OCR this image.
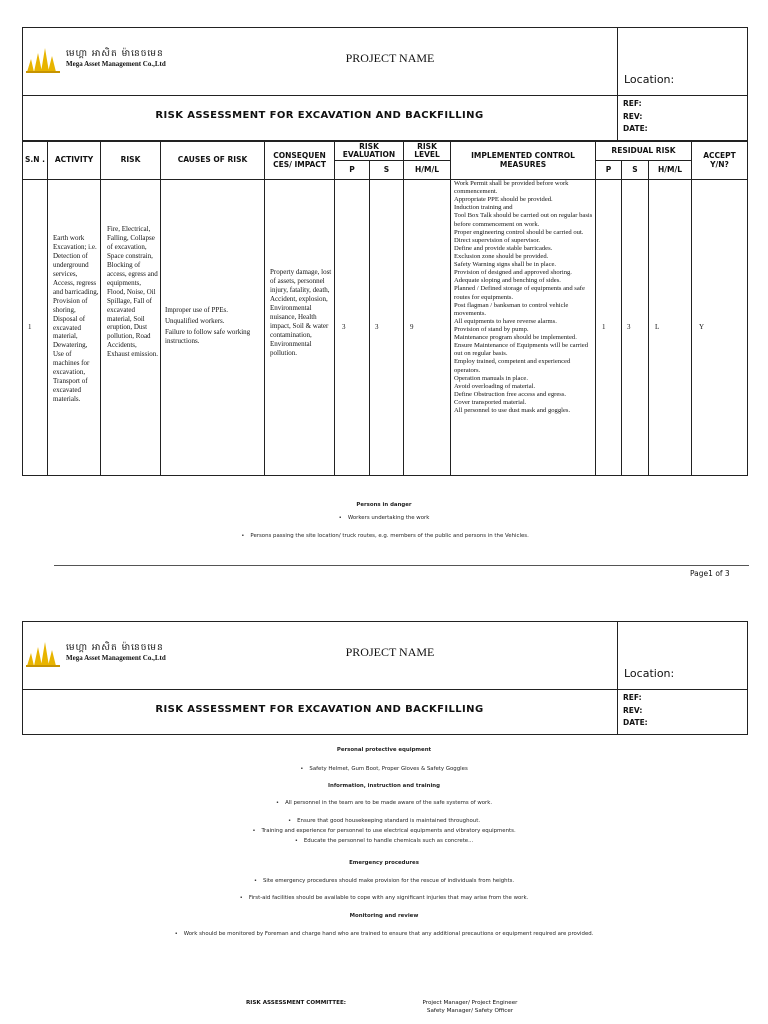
មេហ្គា អាសិត ម៉ានេចមេន
Mega Asset Management Co.,Ltd	PROJECT NAME
Location:
RISK ASSESSMENT FOR EXCAVATION AND BACKFILLING
REF:
REV:
DATE:
S.N .	ACTIVITY	RISK	CAUSES OF RISK	CONSEQUEN CES/ IMPACT
RISK EVALUATION
P	S
RISK LEVEL
H/M/L
IMPLEMENTED CONTROL MEASURES
RESIDUAL RISK
P	S	H/M/L
ACCEPT Y/N?
1
Earth work Excavation; i.e. Detection of underground services, Access, regress and barricading, Provision of shoring, Disposal of excavated material, Dewatering, Use of machines for excavation, Transport of excavated materials.
Fire, Electrical, Falling, Collapse of excavation, Space constrain, Blocking of access, egress and equipments, Flood, Noise, Oil Spillage, Fall of excavated material, Soil eruption, Dust pollution, Road Accidents, Exhaust emission.
Improper use of PPEs.
Unqualified workers.
Failure to follow safe working instructions.
Property damage, lost of assets, personnel injury, fatality, death, Accident, explosion, Environmental nuisance, Health impact, Soil & water contamination, Environmental pollution.
3	3	9
Work Permit shall be provided before work commencement.
Appropriate PPE should be provided.
Induction training and
Tool Box Talk should be carried out on regular basis before commencement on work.
Proper engineering control should be carried out.
Direct supervision of supervisor.
Define and provide stable barricades.
Exclusion zone should be provided.
Safety Warning signs shall be in place.
Provision of designed and approved shoring.
Adequate sloping and benching of sides.
Planned / Defined storage of equipments and safe routes for equipments.
Post flagman / banksman to control vehicle movements.
All equipments to have reverse alarms.
Provision of stand by pump.
Maintenance program should be implemented.
Ensure Maintenance of Equipments will be carried out on regular basis.
Employ trained, competent and experienced operators.
Operation manuals in place.
Avoid overloading of material.
Define Obstruction free access and egress.
Cover transported material.
All personnel to use dust mask and goggles.
1	3	L	Y
Persons in danger
• Workers undertaking the work
• Persons passing the site location/ truck routes, e.g. members of the public and persons in the Vehicles.
Page1 of 3
មេហ្គា អាសិត ម៉ានេចមេន
Mega Asset Management Co.,Ltd	PROJECT NAME
Location:
RISK ASSESSMENT FOR EXCAVATION AND BACKFILLING
REF:
REV:
DATE:
Personal protective equipment
• Safety Helmet, Gum Boot, Proper Gloves & Safety Goggles
Information, instruction and training
• All personnel in the team are to be made aware of the safe systems of work.
• Ensure that good housekeeping standard is maintained throughout.
• Training and experience for personnel to use electrical equipments and vibratory equipments.
• Educate the personnel to handle chemicals such as concrete...
Emergency procedures
• Site emergency procedures should make provision for the rescue of individuals from heights.
• First-aid facilities should be available to cope with any significant injuries that may arise from the work.
Monitoring and review
• Work should be monitored by Foreman and charge hand who are trained to ensure that any additional precautions or equipment required are provided.
RISK ASSESSMENT COMMITTEE:	Project Manager/ Project Engineer
Safety Manager/ Safety Officer
